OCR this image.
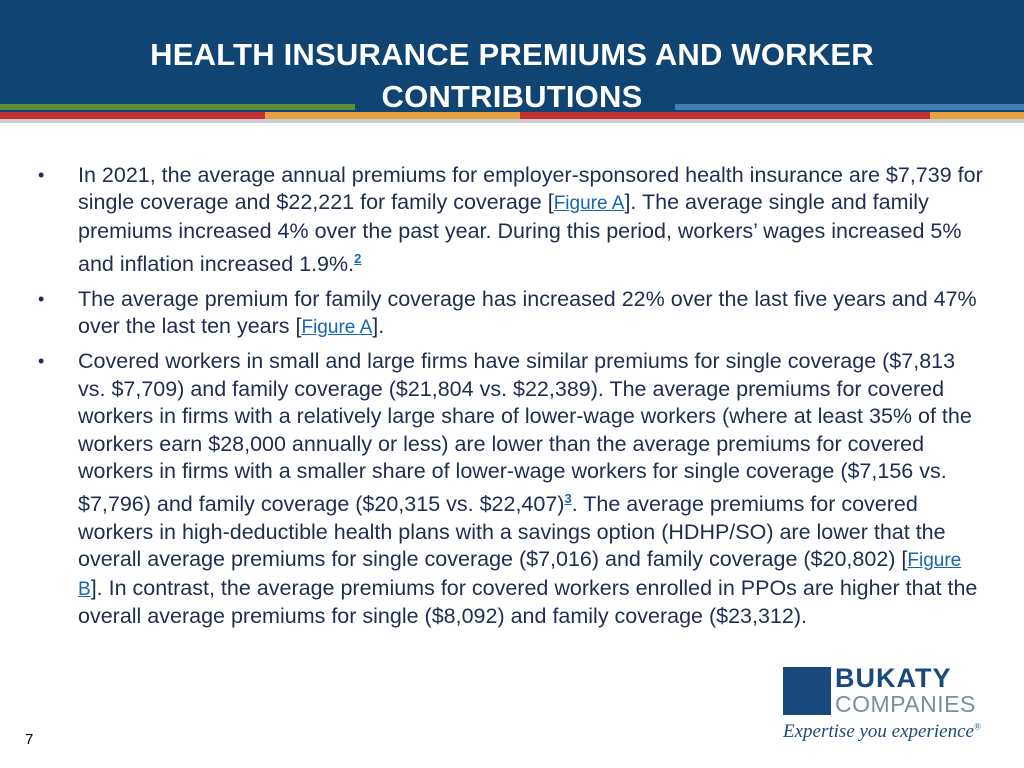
HEALTH INSURANCE PREMIUMS AND WORKER
CONTRIBUTIONS
• In 2021, the average annual premiums for employer-sponsored health insurance are $7,739 for single coverage and $22,221 for family coverage [Figure A]. The average single and family premiums increased 4% over the past year. During this period, workers’ wages increased 5% and inflation increased 1.9%.$^2$
• The average premium for family coverage has increased 22% over the last five years and 47% over the last ten years [Figure A].
• Covered workers in small and large firms have similar premiums for single coverage ($7,813 vs. $7,709) and family coverage ($21,804 vs. $22,389). The average premiums for covered workers in firms with a relatively large share of lower-wage workers (where at least 35% of the workers earn $28,000 annually or less) are lower than the average premiums for covered workers in firms with a smaller share of lower-wage workers for single coverage ($7,156 vs. $7,796) and family coverage ($20,315 vs. $22,407)$^3$. The average premiums for covered workers in high-deductible health plans with a savings option (HDHP/SO) are lower that the overall average premiums for single coverage ($7,016) and family coverage ($20,802) [Figure B]. In contrast, the average premiums for covered workers enrolled in PPOs are higher that the overall average premiums for single ($8,092) and family coverage ($23,312).
BUKATY
COMPANIES
Expertise you experience®
7
